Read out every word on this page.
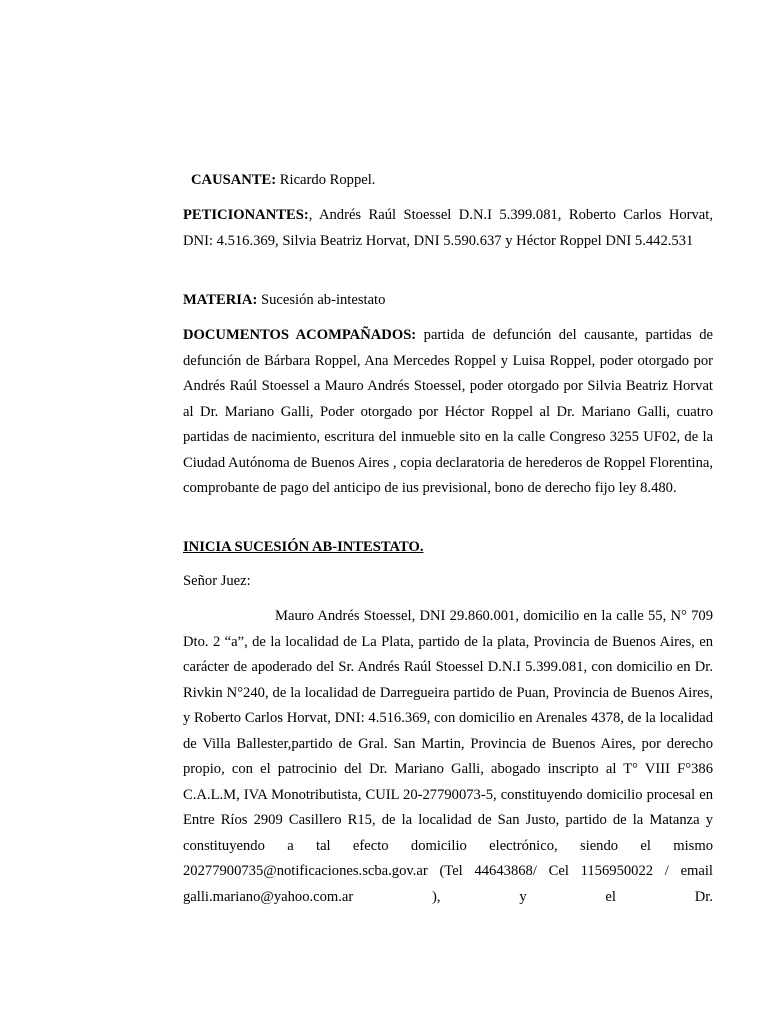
CAUSANTE: Ricardo Roppel.

PETICIONANTES:, Andrés Raúl Stoessel D.N.I 5.399.081, Roberto Carlos Horvat, DNI: 4.516.369, Silvia Beatriz Horvat, DNI 5.590.637 y Héctor Roppel DNI 5.442.531

MATERIA: Sucesión ab-intestato

DOCUMENTOS ACOMPAÑADOS: partida de defunción del causante, partidas de defunción de Bárbara Roppel, Ana Mercedes Roppel y Luisa Roppel, poder otorgado por Andrés Raúl Stoessel a Mauro Andrés Stoessel, poder otorgado por Silvia Beatriz Horvat al Dr. Mariano Galli, Poder otorgado por Héctor Roppel al Dr. Mariano Galli, cuatro partidas de nacimiento, escritura del inmueble sito en la calle Congreso 3255 UF02, de la Ciudad Autónoma de Buenos Aires , copia declaratoria de herederos de Roppel Florentina, comprobante de pago del anticipo de ius previsional, bono de derecho fijo ley 8.480.

INICIA SUCESIÓN AB-INTESTATO.

Señor Juez:

Mauro Andrés Stoessel, DNI 29.860.001, domicilio en la calle 55, N° 709 Dto. 2 “a”, de la localidad de La Plata, partido de la plata, Provincia de Buenos Aires, en carácter de apoderado del Sr. Andrés Raúl Stoessel D.N.I 5.399.081, con domicilio en Dr. Rivkin N°240, de la localidad de Darregueira partido de Puan, Provincia de Buenos Aires, y Roberto Carlos Horvat, DNI: 4.516.369, con domicilio en Arenales 4378, de la localidad de Villa Ballester,partido de Gral. San Martin, Provincia de Buenos Aires, por derecho propio, con el patrocinio del Dr. Mariano Galli, abogado inscripto al T° VIII F°386 C.A.L.M, IVA Monotributista, CUIL 20-27790073-5, constituyendo domicilio procesal en Entre Ríos 2909 Casillero R15, de la localidad de San Justo, partido de la Matanza y constituyendo a tal efecto domicilio electrónico, siendo el mismo 20277900735@notificaciones.scba.gov.ar (Tel 44643868/ Cel 1156950022 / email galli.mariano@yahoo.com.ar ), y el Dr.
